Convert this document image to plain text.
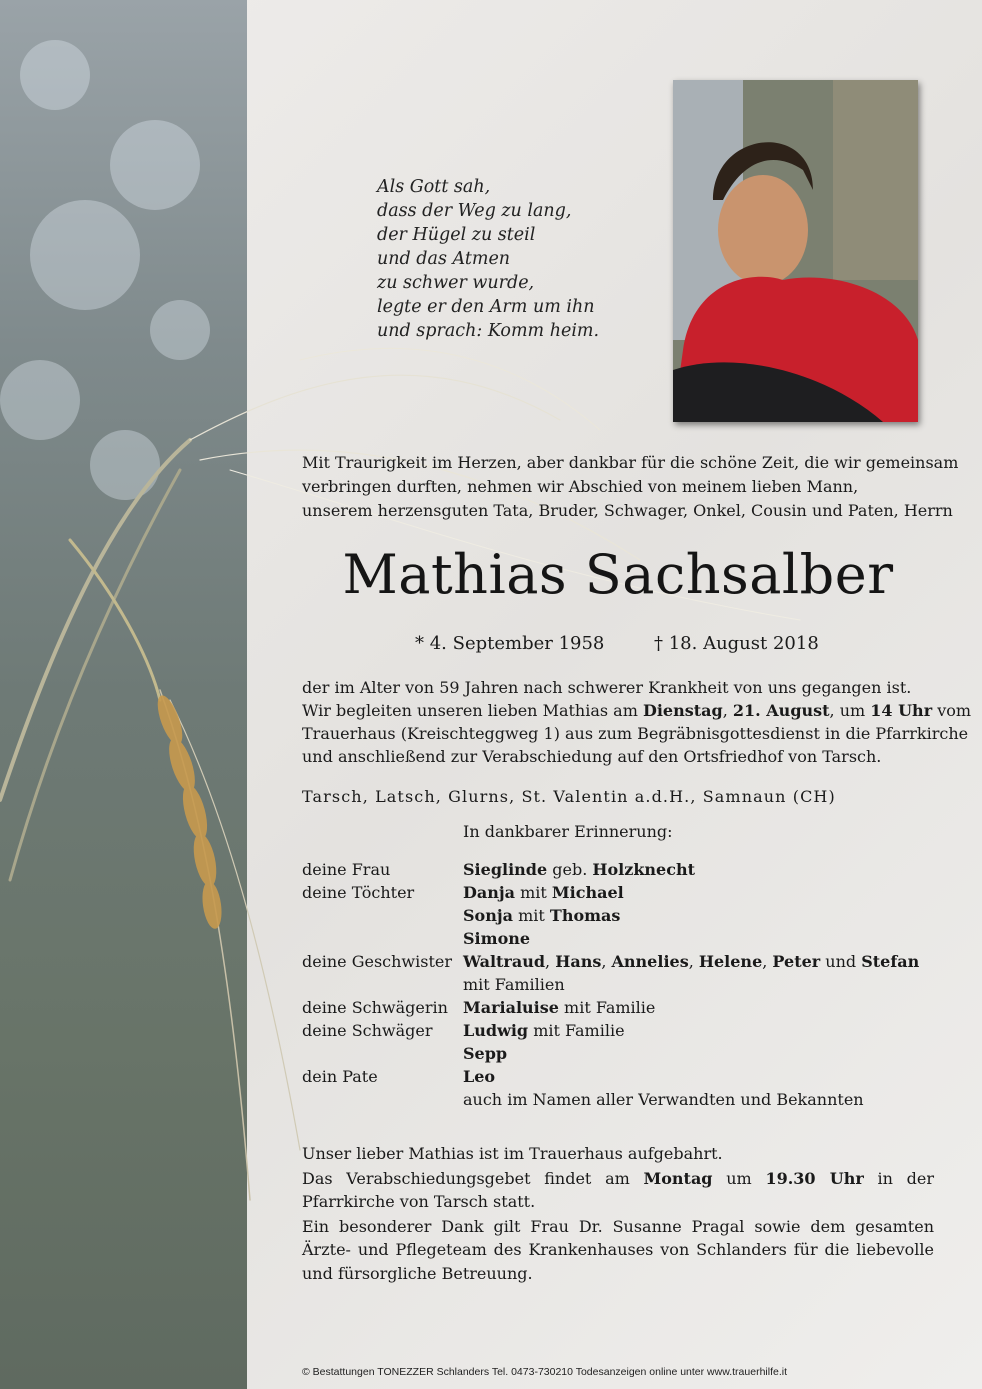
Als Gott sah,
dass der Weg zu lang,
der Hügel zu steil
und das Atmen
zu schwer wurde,
legte er den Arm um ihn
und sprach: Komm heim.
Mit Traurigkeit im Herzen, aber dankbar für die schöne Zeit, die wir gemeinsam
verbringen durften, nehmen wir Abschied von meinem lieben Mann,
unserem herzensguten Tata, Bruder, Schwager, Onkel, Cousin und Paten, Herrn
Mathias Sachsalber
* 4. September 1958	† 18. August 2018
der im Alter von 59 Jahren nach schwerer Krankheit von uns gegangen ist.
Wir begleiten unseren lieben Mathias am Dienstag, 21. August, um 14 Uhr vom
Trauerhaus (Kreischteggweg 1) aus zum Begräbnisgottesdienst in die Pfarrkirche
und anschließend zur Verabschiedung auf den Ortsfriedhof von Tarsch.
Tarsch, Latsch, Glurns, St. Valentin a.d.H., Samnaun (CH)
In dankbarer Erinnerung:
deine Frau	Sieglinde geb. Holzknecht
deine Töchter	Danja mit Michael
Sonja mit Thomas
Simone
deine Geschwister Waltraud, Hans, Annelies, Helene, Peter und Stefan
mit Familien
deine Schwägerin Marialuise mit Familie
deine Schwäger Ludwig mit Familie
Sepp
dein Pate	Leo
auch im Namen aller Verwandten und Bekannten

Unser lieber Mathias ist im Trauerhaus aufgebahrt.

Das Verabschiedungsgebet findet am Montag um 19.30 Uhr in der Pfarrkirche von Tarsch statt.

Ein besonderer Dank gilt Frau Dr. Susanne Pragal sowie dem gesamten Ärzte- und Pflegeteam des Krankenhauses von Schlanders für die liebevolle und fürsorgliche Betreuung.

© Bestattungen TONEZZER Schlanders Tel. 0473-730210 Todesanzeigen online unter www.trauerhilfe.it
